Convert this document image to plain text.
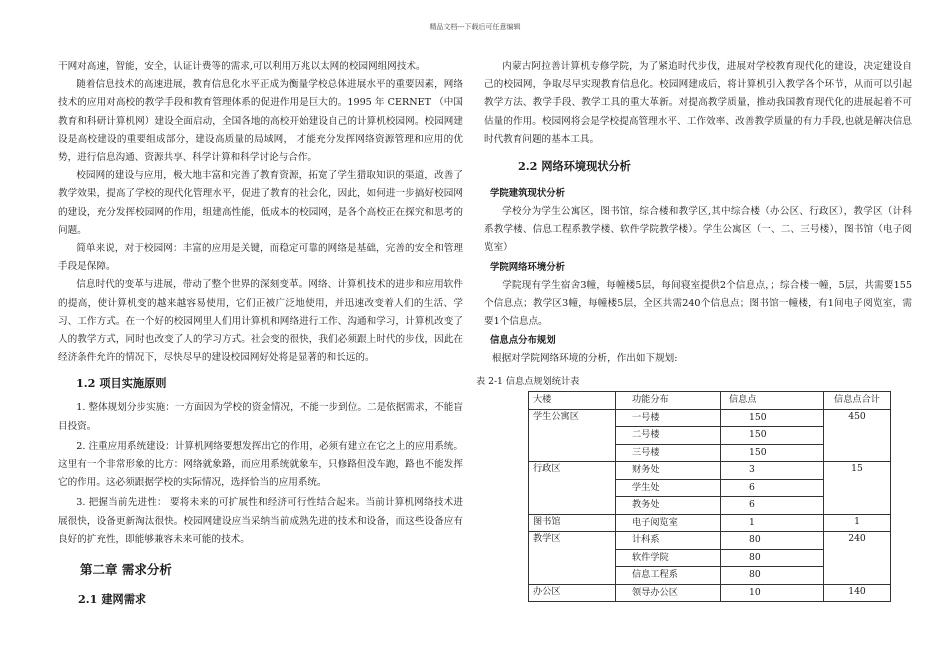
精品文档---下载后可任意编辑

干网对高速，智能，安全，认证计费等的需求,可以利用万兆以太网的校园网组网技术。

随着信息技术的高速进展，教育信息化水平正成为衡量学校总体进展水平的重要因素，网络技术的应用对高校的教学手段和教育管理体系的促进作用是巨大的。1995 年 CERNET （中国教育和科研计算机网）建设全面启动，全国各地的高校开始建设自己的计算机校园网。校园网建设是高校建设的重要组成部分，建设高质量的局域网， 才能充分发挥网络资源管理和应用的优势，进行信息沟通、资源共享、科学计算和科学讨论与合作。

校园网的建设与应用，极大地丰富和完善了教育资源，拓宽了学生猎取知识的渠道，改善了教学效果，提高了学校的现代化管理水平，促进了教育的社会化，因此，如何进一步搞好校园网的建设，充分发挥校园网的作用，组建高性能，低成本的校园网，是各个高校正在探究和思考的问题。

简单来说，对于校园网：丰富的应用是关键，而稳定可靠的网络是基础，完善的安全和管理手段是保障。

信息时代的变革与进展，带动了整个世界的深刻变革。网络、计算机技术的进步和应用软件的提高，使计算机变的越来越容易使用，它们正被广泛地使用，并迅速改变着人们的生活、学习、工作方式。在一个好的校园网里人们用计算机和网络进行工作、沟通和学习，计算机改变了人的教学方式，同时也改变了人的学习方式。社会变的很快，我们必须跟上时代的步伐，因此在经济条件允许的情况下，尽快尽早的建设校园网好处将是显著的和长远的。

1.2 项目实施原则

1. 整体规划分步实施：一方面因为学校的资金情况，不能一步到位。二是依据需求，不能盲目投资。

2. 注重应用系统建设：计算机网络要想发挥出它的作用，必须有建立在它之上的应用系统。这里有一个非常形象的比方：网络就象路，而应用系统就象车，只修路但没车跑，路也不能发挥它的作用。这必须跟据学校的实际情况，选择恰当的应用系统。

3. 把握当前先进性： 要将未来的可扩展性和经济可行性结合起来。当前计算机网络技术进展很快，设备更新淘汰很快。校园网建设应当采纳当前成熟先进的技术和设备，而这些设备应有良好的扩充性，即能够兼容未来可能的技术。

第二章 需求分析
2.1 建网需求

内蒙古阿拉善计算机专修学院，为了紧追时代步伐，进展对学校教育现代化的建设，决定建设自己的校园网，争取尽早实现教育信息化。校园网建成后，将计算机引入教学各个环节，从而可以引起教学方法、教学手段、教学工具的重大革新。对提高教学质量，推动我国教育现代化的进展起着不可估量的作用。校园网将会是学校提高管理水平、工作效率、改善教学质量的有力手段,也就是解决信息时代教育问题的基本工具。

2.2 网络环境现状分析
学院建筑现状分析

学校分为学生公寓区，图书馆，综合楼和教学区,其中综合楼（办公区、行政区），教学区（计科系教学楼、信息工程系教学楼、软件学院教学楼）。学生公寓区（一、二、三号楼），图书馆（电子阅览室）

学院网络环境分析

学院现有学生宿舍3幢，每幢楼5层，每间寝室提供2个信息点，；综合楼一幢，5层，共需要155个信息点；教学区3幢，每幢楼5层，全区共需240个信息点；图书馆一幢楼，有1间电子阅览室，需要1个信息点。

信息点分布规划

根据对学院网络环境的分析，作出如下规划:

表 2-1 信息点规划统计表
大楼	功能分布	信息点	信息点合计
学生公寓区	一号楼	150	450
	二号楼	150	
	三号楼	150	
行政区	财务处	3	15
	学生处	6	
	教务处	6	
图书馆	电子阅览室	1	1
教学区	计科系	80	240
	软件学院	80	
	信息工程系	80	
办公区	领导办公区	10	140
